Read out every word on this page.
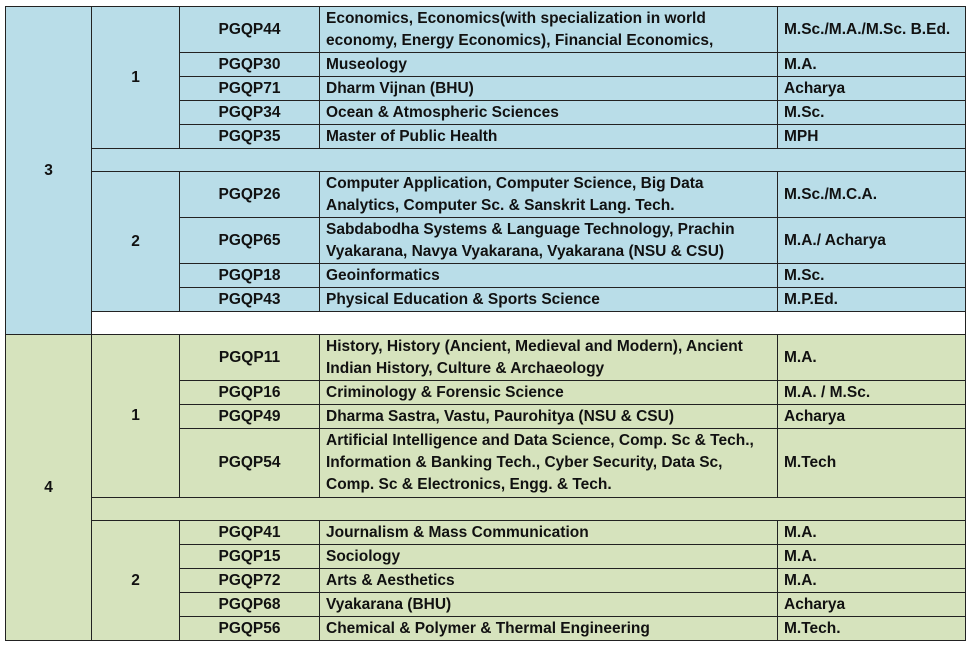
3	1	PGQP44	Economics, Economics(with specialization in world economy, Energy Economics), Financial Economics,	M.Sc./M.A./M.Sc. B.Ed.
		PGQP30	Museology	M.A.
		PGQP71	Dharm Vijnan (BHU)	Acharya
		PGQP34	Ocean & Atmospheric Sciences	M.Sc.
		PGQP35	Master of Public Health	MPH

	2	PGQP26	Computer Application, Computer Science, Big Data Analytics, Computer Sc. & Sanskrit Lang. Tech.	M.Sc./M.C.A.
		PGQP65	Sabdabodha Systems & Language Technology, Prachin Vyakarana, Navya Vyakarana, Vyakarana (NSU & CSU)	M.A./ Acharya
		PGQP18	Geoinformatics	M.Sc.
		PGQP43	Physical Education & Sports Science	M.P.Ed.

4	1	PGQP11	History, History (Ancient, Medieval and Modern), Ancient Indian History, Culture & Archaeology	M.A.
		PGQP16	Criminology & Forensic Science	M.A. / M.Sc.
		PGQP49	Dharma Sastra, Vastu, Paurohitya (NSU & CSU)	Acharya
		PGQP54	Artificial Intelligence and Data Science, Comp. Sc & Tech., Information & Banking Tech., Cyber Security, Data Sc, Comp. Sc & Electronics, Engg. & Tech.	M.Tech

	2	PGQP41	Journalism & Mass Communication	M.A.
		PGQP15	Sociology	M.A.
		PGQP72	Arts & Aesthetics	M.A.
		PGQP68	Vyakarana (BHU)	Acharya
		PGQP56	Chemical & Polymer & Thermal Engineering	M.Tech.
